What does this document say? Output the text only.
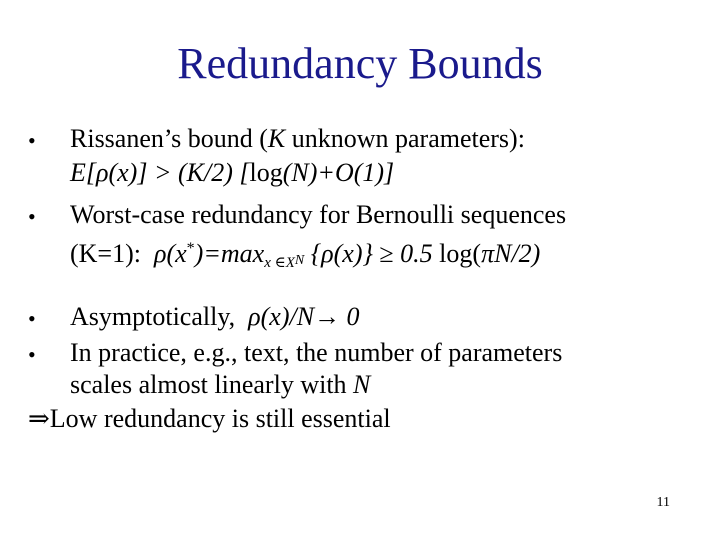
Redundancy Bounds
• Rissanen’s bound (K unknown parameters):
E[ρ(x)] > (K/2) [log(N)+O(1)]
• Worst-case redundancy for Bernoulli sequences
(K=1): $\rho(x^*)=\max_{x \in X}N$ {ρ(x)} ≥ 0.5 log(πN/2)
• Asymptotically, ρ(x)/N→ 0
• In practice, e.g., text, the number of parameters
scales almost linearly with N
⇒Low redundancy is still essential
11
